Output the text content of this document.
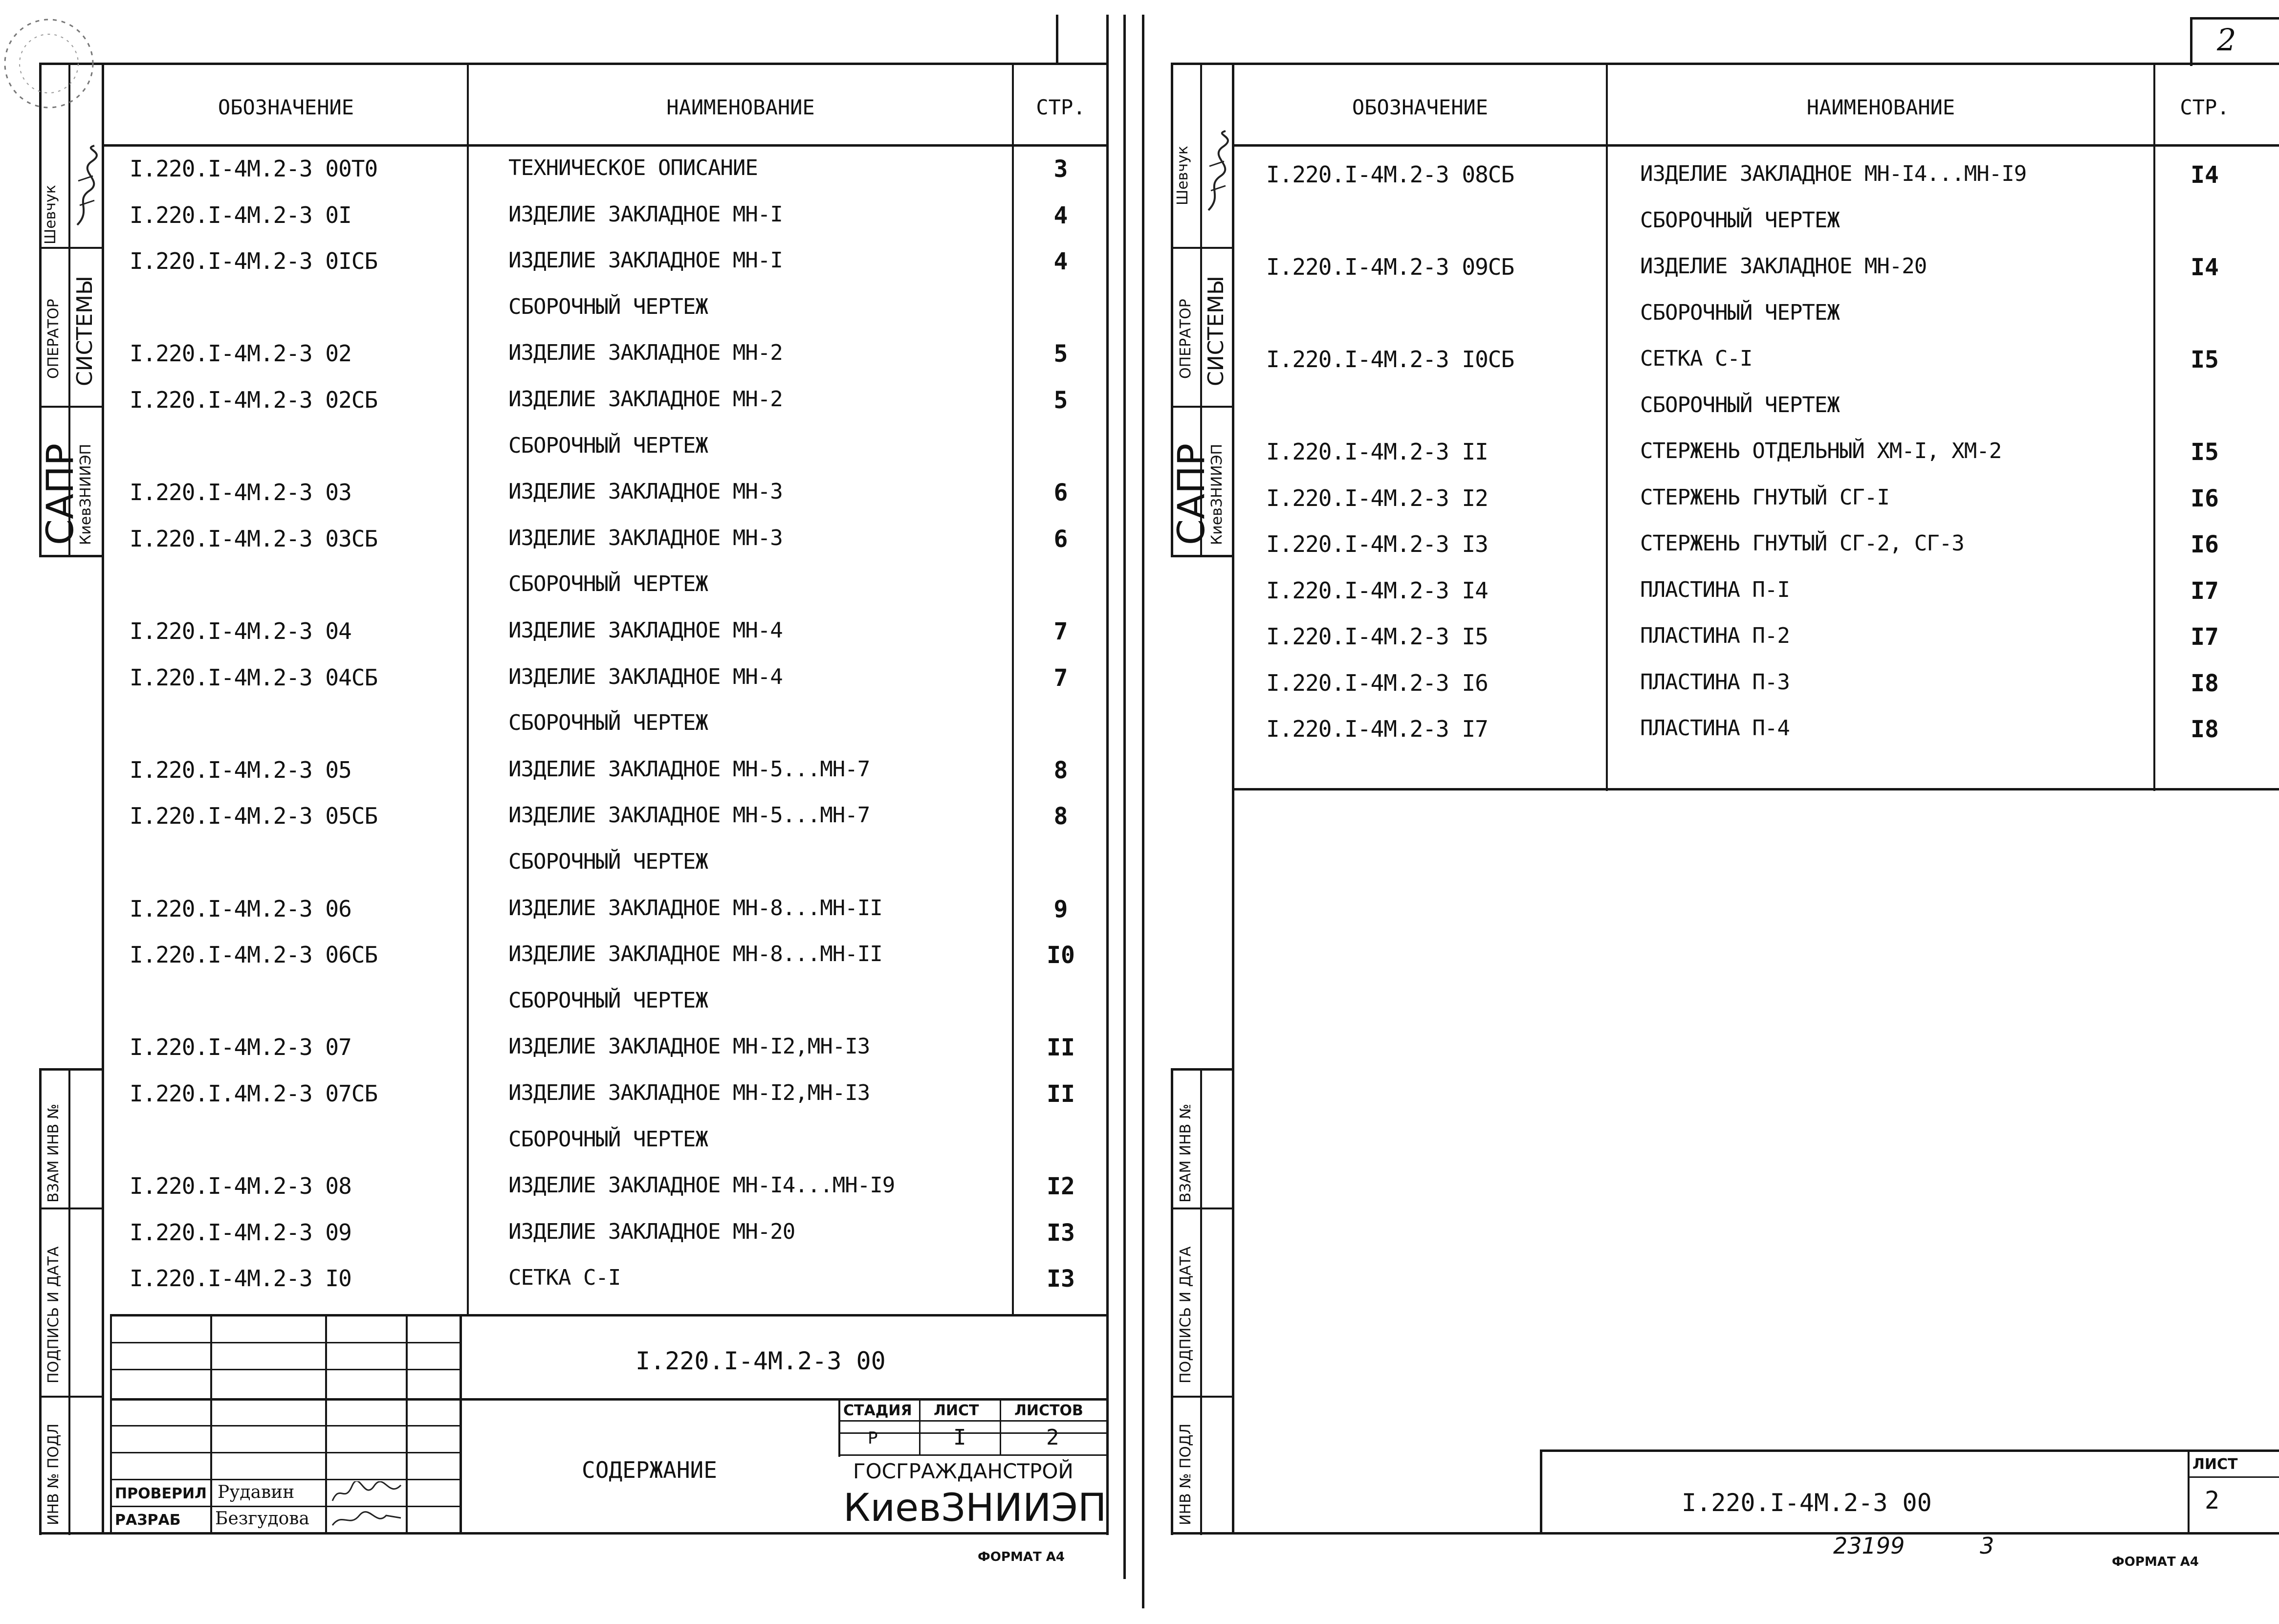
Шевчук
ОПЕРАТОР СИСТЕМЫ
САПР
КиевЗНИИЭП
ВЗАМ ИНВ №
ПОДПИСЬ И ДАТА
ИНВ № ПОДЛ
ОБОЗНАЧЕНИЕ	НАИМЕНОВАНИЕ	СТР.
I.220.I-4M.2-3 00T0	ТЕХНИЧЕСКОЕ ОПИСАНИЕ	3
I.220.I-4M.2-3 0I	ИЗДЕЛИЕ ЗАКЛАДНОЕ МН-I	4
I.220.I-4M.2-3 0IСБ	ИЗДЕЛИЕ ЗАКЛАДНОЕ МН-I	4
СБОРОЧНЫЙ ЧЕРТЕЖ
I.220.I-4M.2-3 02	ИЗДЕЛИЕ ЗАКЛАДНОЕ МН-2	5
I.220.I-4M.2-3 02СБ	ИЗДЕЛИЕ ЗАКЛАДНОЕ МН-2	5
СБОРОЧНЫЙ ЧЕРТЕЖ
I.220.I-4M.2-3 03	ИЗДЕЛИЕ ЗАКЛАДНОЕ МН-3	6
I.220.I-4M.2-3 03СБ	ИЗДЕЛИЕ ЗАКЛАДНОЕ МН-3	6
СБОРОЧНЫЙ ЧЕРТЕЖ
I.220.I-4M.2-3 04	ИЗДЕЛИЕ ЗАКЛАДНОЕ МН-4	7
I.220.I-4M.2-3 04СБ	ИЗДЕЛИЕ ЗАКЛАДНОЕ МН-4	7
СБОРОЧНЫЙ ЧЕРТЕЖ
I.220.I-4M.2-3 05	ИЗДЕЛИЕ ЗАКЛАДНОЕ МН-5...МН-7	8
I.220.I-4M.2-3 05СБ	ИЗДЕЛИЕ ЗАКЛАДНОЕ МН-5...МН-7	8
СБОРОЧНЫЙ ЧЕРТЕЖ
I.220.I-4M.2-3 06	ИЗДЕЛИЕ ЗАКЛАДНОЕ МН-8...МН-II	9
I.220.I-4M.2-3 06СБ	ИЗДЕЛИЕ ЗАКЛАДНОЕ МН-8...МН-II	I0
СБОРОЧНЫЙ ЧЕРТЕЖ
I.220.I-4M.2-3 07	ИЗДЕЛИЕ ЗАКЛАДНОЕ МН-I2,МН-I3	II
I.220.I.4M.2-3 07СБ	ИЗДЕЛИЕ ЗАКЛАДНОЕ МН-I2,МН-I3	II
СБОРОЧНЫЙ ЧЕРТЕЖ
I.220.I-4M.2-3 08	ИЗДЕЛИЕ ЗАКЛАДНОЕ МН-I4...МН-I9	I2
I.220.I-4M.2-3 09	ИЗДЕЛИЕ ЗАКЛАДНОЕ МН-20	I3
I.220.I-4M.2-3 I0	СЕТКА С-I	I3
I.220.I-4M.2-3 00
СОДЕРЖАНИЕ
СТАДИЯ ЛИСТ ЛИСТОВ
Р	I	2
ГОСГРАЖДАНСТРОЙ
КиевЗНИИЭП
ПРОВЕРИЛ Рудавин
РАЗРАБ Безгудова
ФОРМАТ А4
2
Шевчук
ОПЕРАТОР СИСТЕМЫ
САПР
КиевЗНИИЭП
ВЗАМ ИНВ №
ПОДПИСЬ И ДАТА
ИНВ № ПОДЛ
ОБОЗНАЧЕНИЕ	НАИМЕНОВАНИЕ	СТР.
I.220.I-4M.2-3 08СБ	ИЗДЕЛИЕ ЗАКЛАДНОЕ МН-I4...МН-I9	I4
СБОРОЧНЫЙ ЧЕРТЕЖ
I.220.I-4M.2-3 09СБ	ИЗДЕЛИЕ ЗАКЛАДНОЕ МН-20	I4
СБОРОЧНЫЙ ЧЕРТЕЖ
I.220.I-4M.2-3 I0СБ	СЕТКА С-I	I5
СБОРОЧНЫЙ ЧЕРТЕЖ
I.220.I-4M.2-3 II	СТЕРЖЕНЬ ОТДЕЛЬНЫЙ ХМ-I, ХМ-2	I5
I.220.I-4M.2-3 I2	СТЕРЖЕНЬ ГНУТЫЙ СГ-I	I6
I.220.I-4M.2-3 I3	СТЕРЖЕНЬ ГНУТЫЙ СГ-2, СГ-3	I6
I.220.I-4M.2-3 I4	ПЛАСТИНА П-I	I7
I.220.I-4M.2-3 I5	ПЛАСТИНА П-2	I7
I.220.I-4M.2-3 I6	ПЛАСТИНА П-3	I8
I.220.I-4M.2-3 I7	ПЛАСТИНА П-4	I8
ЛИСТ
2
I.220.I-4M.2-3 00
23199	3
ФОРМАТ А4
